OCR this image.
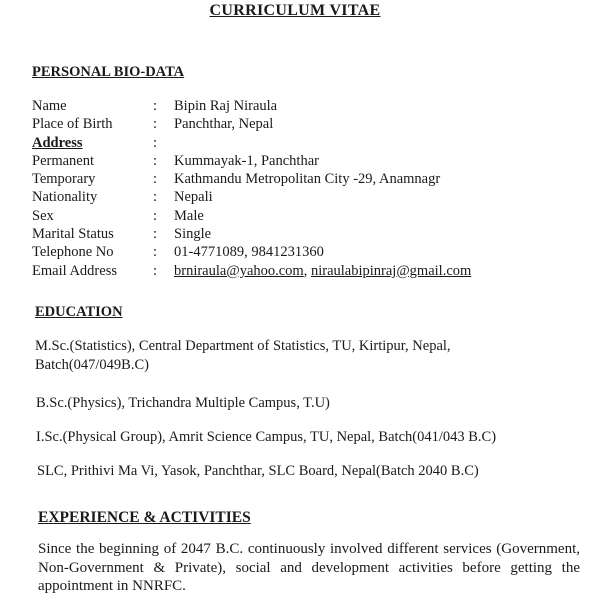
CURRICULUM VITAE
PERSONAL BIO-DATA
Name	:	Bipin Raj Niraula
Place of Birth	:	Panchthar, Nepal
Address	:
Permanent	:	Kummayak-1, Panchthar
Temporary	:	Kathmandu Metropolitan City -29, Anamnagr
Nationality	:	Nepali
Sex	:	Male
Marital Status	:	Single
Telephone No	:	01-4771089, 9841231360
Email Address	:	brniraula@yahoo.com, niraulabipinraj@gmail.com
EDUCATION
M.Sc.(Statistics), Central Department of Statistics, TU, Kirtipur, Nepal, Batch(047/049B.C)
B.Sc.(Physics), Trichandra Multiple Campus, T.U)
I.Sc.(Physical Group), Amrit Science Campus, TU, Nepal, Batch(041/043 B.C)
SLC, Prithivi Ma Vi, Yasok, Panchthar, SLC Board, Nepal(Batch 2040 B.C)
EXPERIENCE & ACTIVITIES
Since the beginning of 2047 B.C. continuously involved different services (Government, Non-Government & Private), social and development activities before getting the appointment in NNRFC.
